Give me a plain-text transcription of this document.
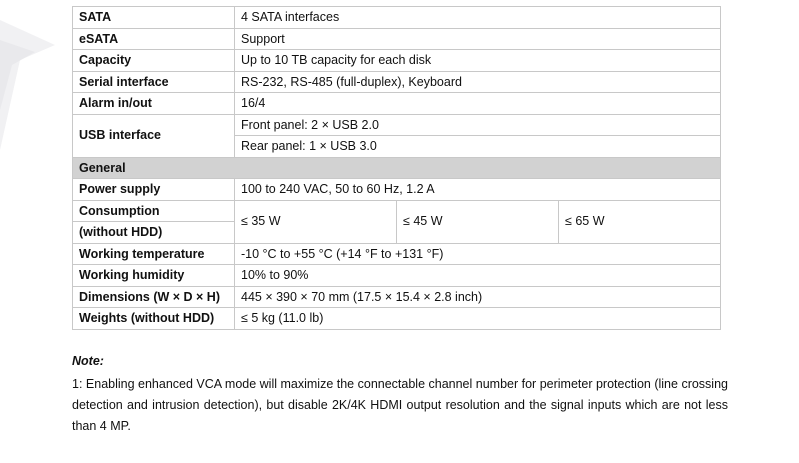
SATA	4 SATA interfaces		
eSATA	Support		
Capacity	Up to 10 TB capacity for each disk		
Serial interface	RS-232, RS-485 (full-duplex), Keyboard		
Alarm in/out	16/4		
USB interface	Front panel: 2 × USB 2.0		
	Rear panel: 1 × USB 3.0		
General			
Power supply	100 to 240 VAC, 50 to 60 Hz, 1.2 A		
Consumption	≤ 35 W	≤ 45 W	≤ 65 W
(without HDD)			
Working temperature	-10 °C to +55 °C (+14 °F to +131 °F)		
Working humidity	10% to 90%		
Dimensions (W × D × H)	445 × 390 × 70 mm (17.5 × 15.4 × 2.8 inch)		
Weights (without HDD)	≤ 5 kg (11.0 lb)		
Note:
1: Enabling enhanced VCA mode will maximize the connectable channel number for perimeter protection (line crossing detection and intrusion detection), but disable 2K/4K HDMI output resolution and the signal inputs which are not less than 4 MP.
